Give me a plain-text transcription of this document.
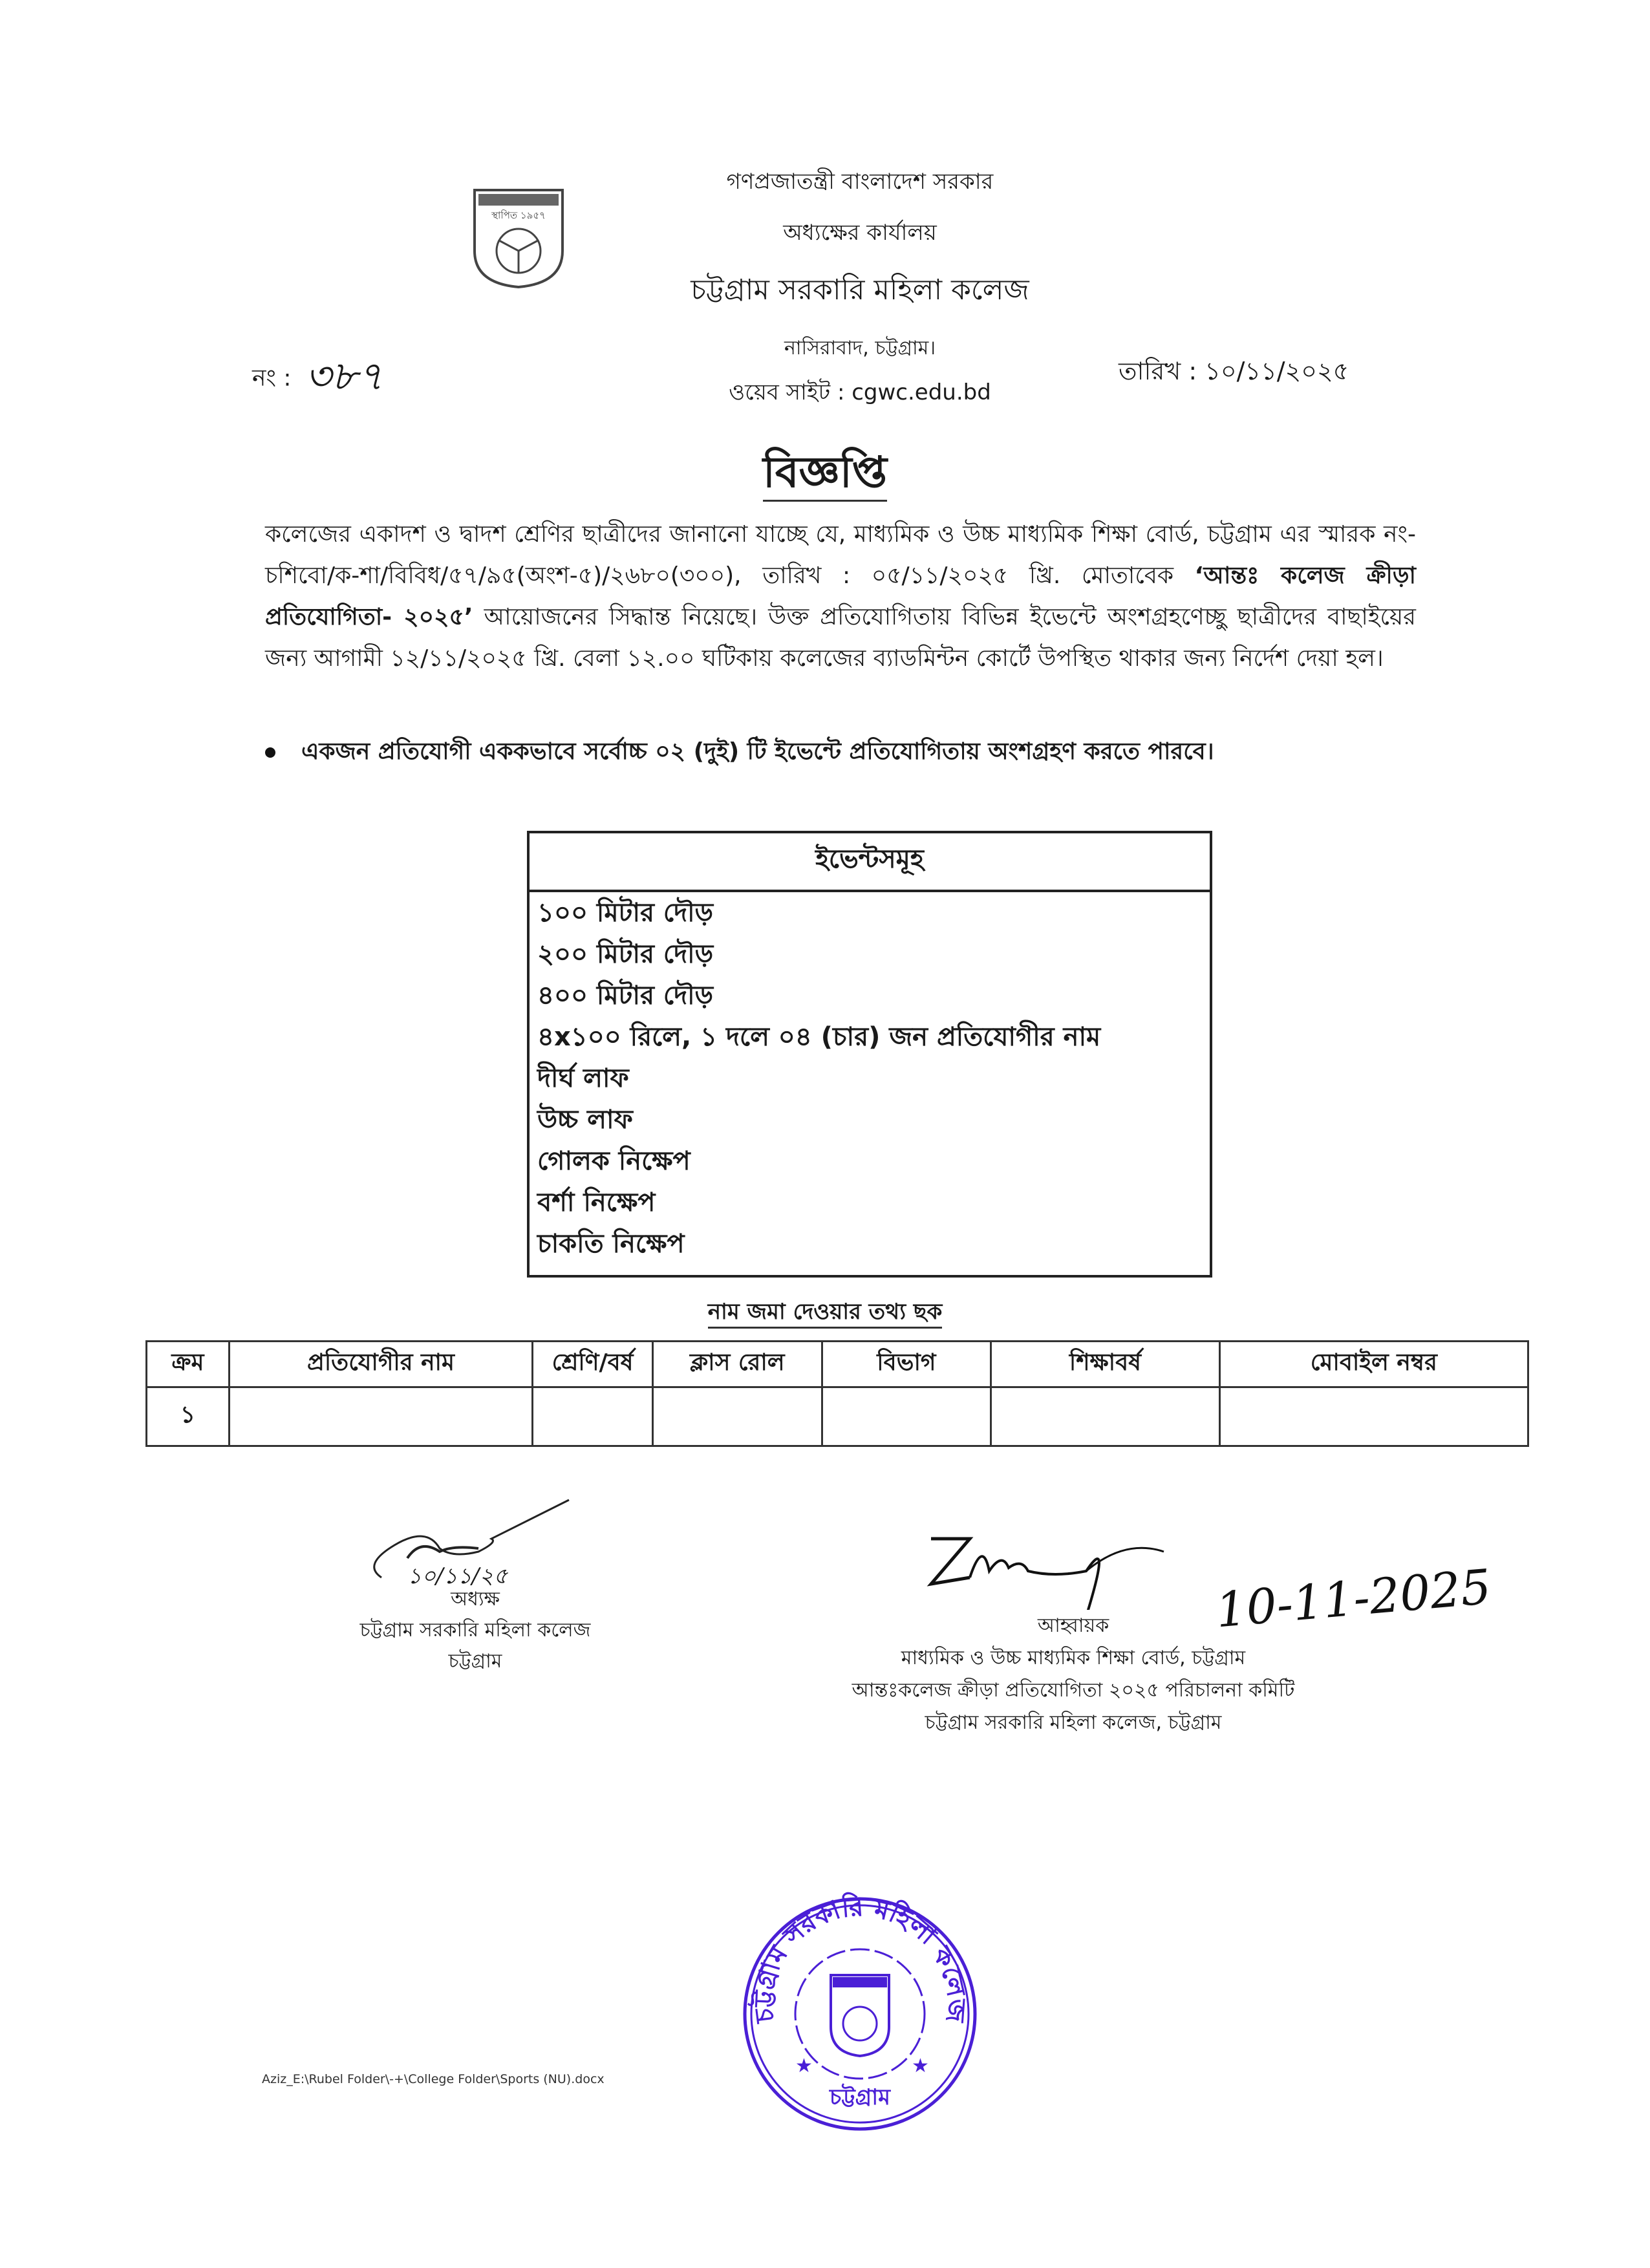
স্থাপিত ১৯৫৭
গণপ্রজাতন্ত্রী বাংলাদেশ সরকার
অধ্যক্ষের কার্যালয়
চট্টগ্রাম সরকারি মহিলা কলেজ
নাসিরাবাদ, চট্টগ্রাম।
ওয়েব সাইট : cgwc.edu.bd
নং : ৩৮৭	তারিখ : ১০/১১/২০২৫
বিজ্ঞপ্তি
কলেজের একাদশ ও দ্বাদশ শ্রেণির ছাত্রীদের জানানো যাচ্ছে যে, মাধ্যমিক ও উচ্চ মাধ্যমিক শিক্ষা বোর্ড, চট্টগ্রাম এর স্মারক নং- চশিবো/ক-শা/বিবিধ/৫৭/৯৫(অংশ-৫)/২৬৮০(৩০০), তারিখ : ০৫/১১/২০২৫ খ্রি. মোতাবেক ‘আন্তঃ কলেজ ক্রীড়া প্রতিযোগিতা- ২০২৫’ আয়োজনের সিদ্ধান্ত নিয়েছে। উক্ত প্রতিযোগিতায় বিভিন্ন ইভেন্টে অংশগ্রহণেচ্ছু ছাত্রীদের বাছাইয়ের জন্য আগামী ১২/১১/২০২৫ খ্রি. বেলা ১২.০০ ঘটিকায় কলেজের ব্যাডমিন্টন কোর্টে উপস্থিত থাকার জন্য নির্দেশ দেয়া হল।
একজন প্রতিযোগী এককভাবে সর্বোচ্চ ০২ (দুই) টি ইভেন্টে প্রতিযোগিতায় অংশগ্রহণ করতে পারবে।
ইভেন্টসমূহ
১০০ মিটার দৌড়
২০০ মিটার দৌড়
৪০০ মিটার দৌড়
৪x১০০ রিলে, ১ দলে ০৪ (চার) জন প্রতিযোগীর নাম
দীর্ঘ লাফ
উচ্চ লাফ
গোলক নিক্ষেপ
বর্শা নিক্ষেপ
চাকতি নিক্ষেপ
নাম জমা দেওয়ার তথ্য ছক
ক্রম	প্রতিযোগীর নাম	শ্রেণি/বর্ষ	ক্লাস রোল	বিভাগ	শিক্ষাবর্ষ	মোবাইল নম্বর
১						
১০/১১/২৫
অধ্যক্ষ
চট্টগ্রাম সরকারি মহিলা কলেজ
চট্টগ্রাম
আহ্বায়ক
মাধ্যমিক ও উচ্চ মাধ্যমিক শিক্ষা বোর্ড, চট্টগ্রাম
আন্তঃকলেজ ক্রীড়া প্রতিযোগিতা ২০২৫ পরিচালনা কমিটি
চট্টগ্রাম সরকারি মহিলা কলেজ, চট্টগ্রাম
10-11-2025
চট্টগ্রাম সরকারি মহিলা কলেজ
চট্টগ্রাম
★	★
Aziz_E:\Rubel Folder\-+\College Folder\Sports (NU).docx
